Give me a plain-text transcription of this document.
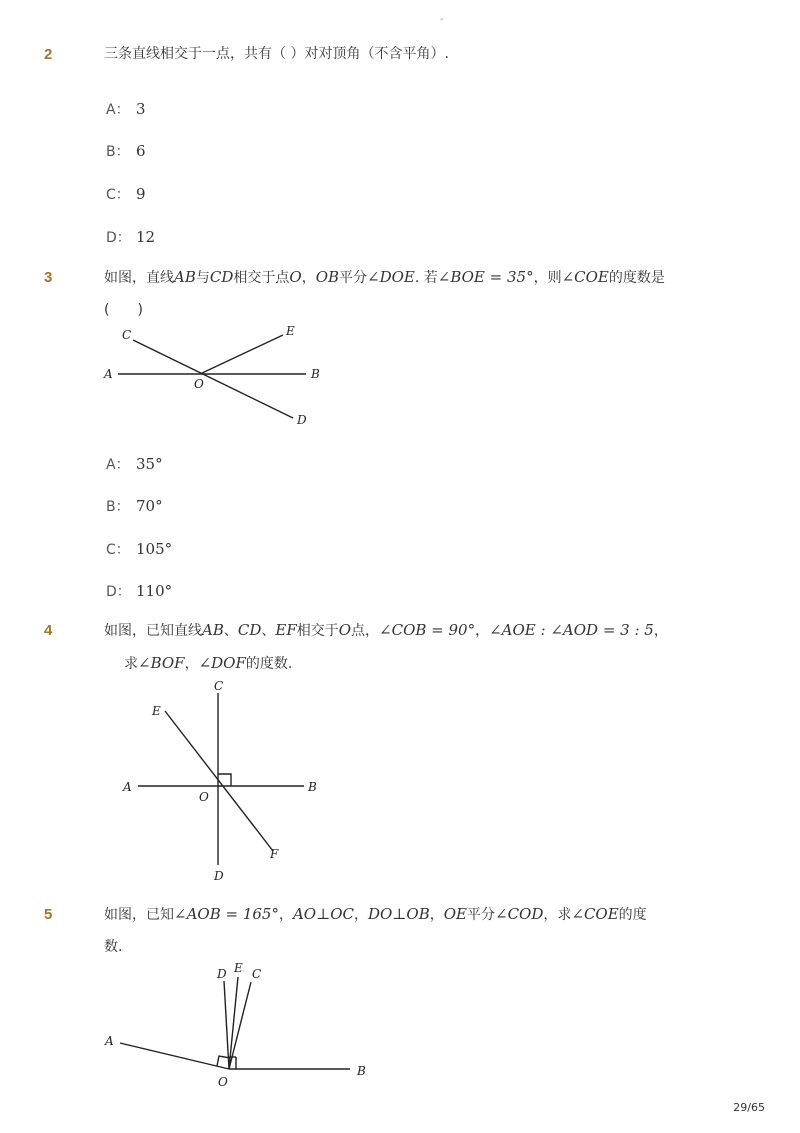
-
2	三条直线相交于一点，共有（ ）对对顶角（不含平角）.
A： 3
B： 6
C： 9
D： 12
3	如图，直线AB与CD相交于点O，OB平分∠DOE. 若∠BOE = 35°，则∠COE的度数是
(　　)
A
C	E
B
O
D
A： 35°
B： 70°
C： 105°
D： 110°
4	如图，已知直线AB、CD、EF相交于O点，∠COB = 90°，∠AOE : ∠AOD = 3 : 5，
求∠BOF，∠DOF的度数.
A
C
E
B
O
F
D
5	如图，已知∠AOB = 165°，AO⊥OC，DO⊥OB，OE平分∠COD，求∠COE的度
数.
A
D E C
B
O
29/65
